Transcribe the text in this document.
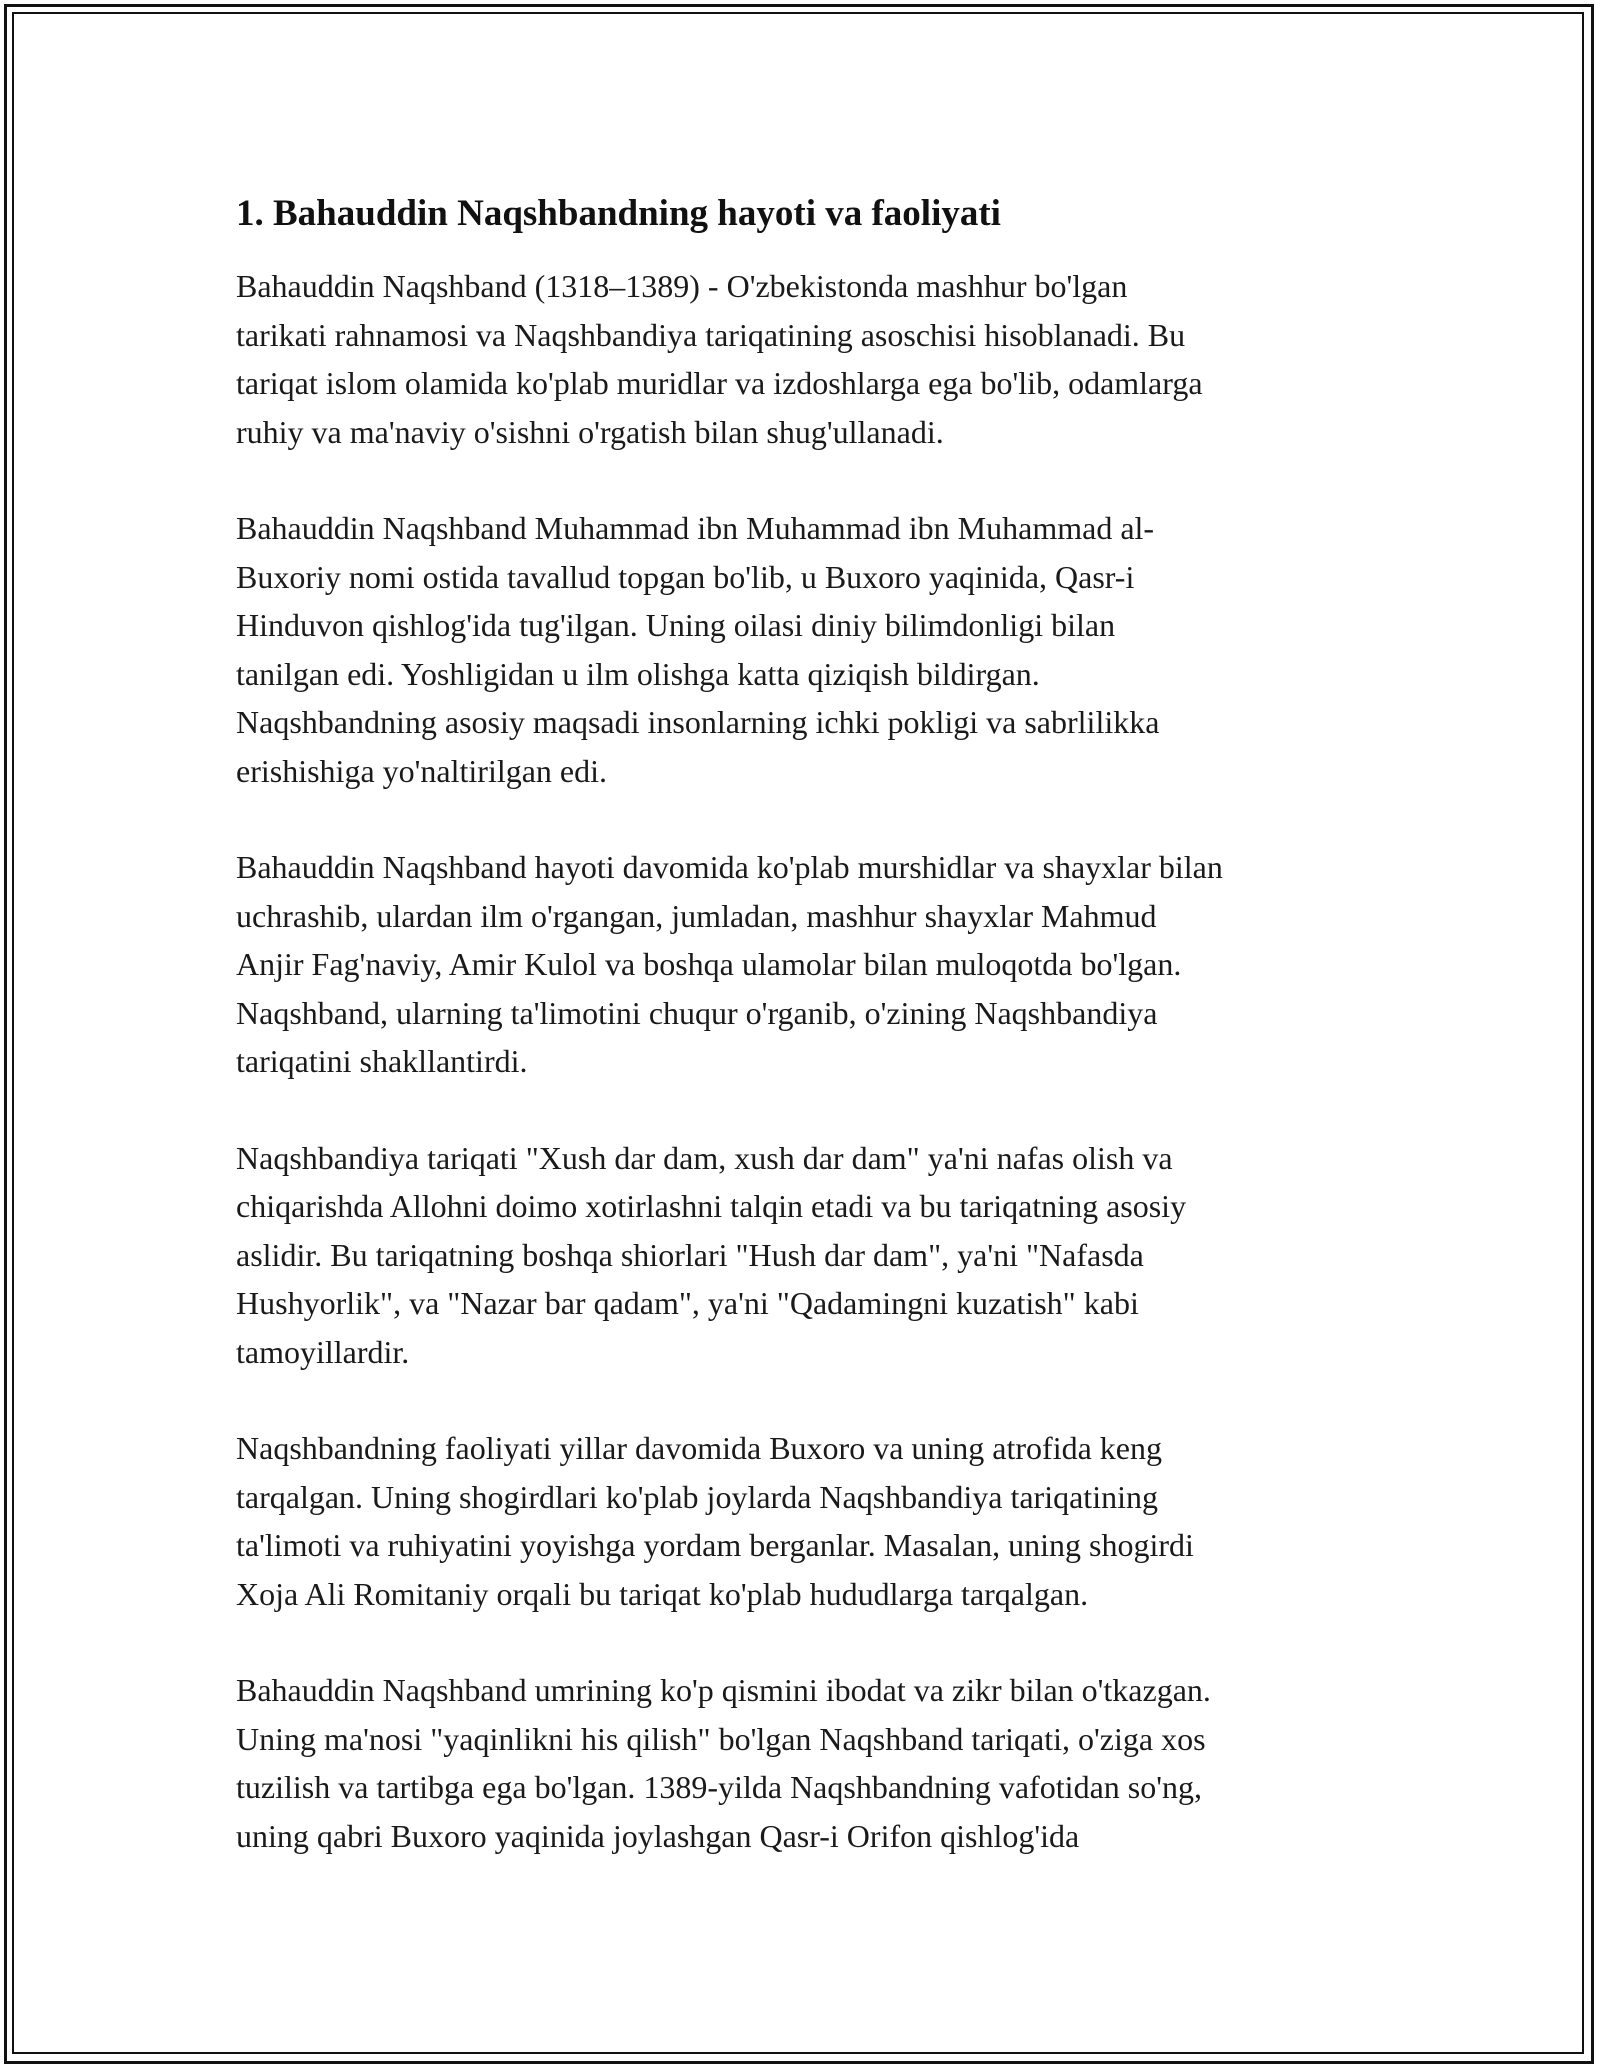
1. Bahauddin Naqshbandning hayoti va faoliyati

Bahauddin Naqshband (1318–1389) - O'zbekistonda mashhur bo'lgan
tarikati rahnamosi va Naqshbandiya tariqatining asoschisi hisoblanadi. Bu
tariqat islom olamida ko'plab muridlar va izdoshlarga ega bo'lib, odamlarga
ruhiy va ma'naviy o'sishni o'rgatish bilan shug'ullanadi.

Bahauddin Naqshband Muhammad ibn Muhammad ibn Muhammad al-
Buxoriy nomi ostida tavallud topgan bo'lib, u Buxoro yaqinida, Qasr-i
Hinduvon qishlog'ida tug'ilgan. Uning oilasi diniy bilimdonligi bilan
tanilgan edi. Yoshligidan u ilm olishga katta qiziqish bildirgan.
Naqshbandning asosiy maqsadi insonlarning ichki pokligi va sabrlilikka
erishishiga yo'naltirilgan edi.

Bahauddin Naqshband hayoti davomida ko'plab murshidlar va shayxlar bilan
uchrashib, ulardan ilm o'rgangan, jumladan, mashhur shayxlar Mahmud
Anjir Fag'naviy, Amir Kulol va boshqa ulamolar bilan muloqotda bo'lgan.
Naqshband, ularning ta'limotini chuqur o'rganib, o'zining Naqshbandiya
tariqatini shakllantirdi.

Naqshbandiya tariqati "Xush dar dam, xush dar dam" ya'ni nafas olish va
chiqarishda Allohni doimo xotirlashni talqin etadi va bu tariqatning asosiy
aslidir. Bu tariqatning boshqa shiorlari "Hush dar dam", ya'ni "Nafasda
Hushyorlik", va "Nazar bar qadam", ya'ni "Qadamingni kuzatish" kabi
tamoyillardir.

Naqshbandning faoliyati yillar davomida Buxoro va uning atrofida keng
tarqalgan. Uning shogirdlari ko'plab joylarda Naqshbandiya tariqatining
ta'limoti va ruhiyatini yoyishga yordam berganlar. Masalan, uning shogirdi
Xoja Ali Romitaniy orqali bu tariqat ko'plab hududlarga tarqalgan.

Bahauddin Naqshband umrining ko'p qismini ibodat va zikr bilan o'tkazgan.
Uning ma'nosi "yaqinlikni his qilish" bo'lgan Naqshband tariqati, o'ziga xos
tuzilish va tartibga ega bo'lgan. 1389-yilda Naqshbandning vafotidan so'ng,
uning qabri Buxoro yaqinida joylashgan Qasr-i Orifon qishlog'ida
